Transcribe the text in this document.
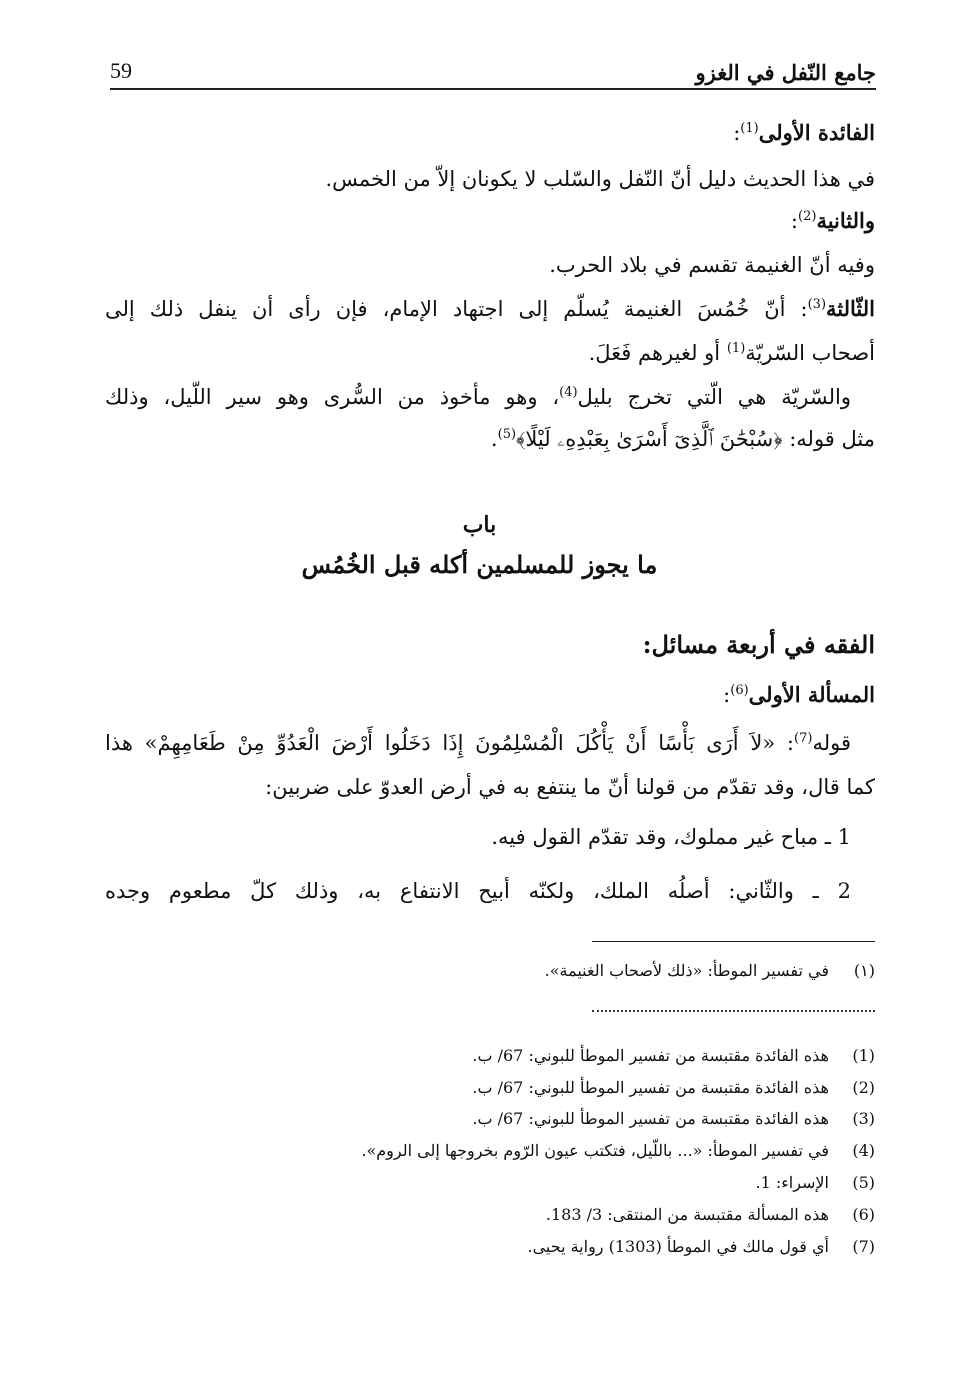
جامع النّفل في الغزو
59
الفائدة الأولى$^{(1)}$:
في هذا الحديث دليل أنّ النّفل والسّلب لا يكونان إلاّ من الخمس.
والثانية$^{(2)}$:
وفيه أنّ الغنيمة تقسم في بلاد الحرب.
الثّالثة$^{(3)}$: أنّ خُمُسَ الغنيمة يُسلّم إلى اجتهاد الإمام، فإن رأى أن ينفل ذلك إلى
أصحاب السّريّة$^{(1)}$ أو لغيرهم فَعَلَ.
والسّريّة هي الّتي تخرج بليل$^{(4)}$، وهو مأخوذ من السُّرى وهو سير اللّيل، وذلك
مثل قوله: ﴿سُبْحَٰنَ ٱلَّذِىٓ أَسْرَىٰ بِعَبْدِهِۦ لَيْلًا﴾$^{(5)}$.
باب
ما يجوز للمسلمين أكله قبل الخُمُس
الفقه في أربعة مسائل:
المسألة الأولى$^{(6)}$:
قوله$^{(7)}$: «لاَ أَرَى بَأْسًا أَنْ يَأْكُلَ الْمُسْلِمُونَ إِذَا دَخَلُوا أَرْضَ الْعَدُوِّ مِنْ طَعَامِهِمْ» هذا
كما قال، وقد تقدّم من قولنا أنّ ما ينتفع به في أرض العدوّ على ضربين:
1 ـ مباح غير مملوك، وقد تقدّم القول فيه.
2 ـ والثّاني: أصلُه الملك، ولكنّه أبيح الانتفاع به، وذلك كلّ مطعوم وجده
(١)في تفسير الموطأ: «ذلك لأصحاب الغنيمة».
(1)هذه الفائدة مقتبسة من تفسير الموطأ للبوني: 67/ ب.
(2)هذه الفائدة مقتبسة من تفسير الموطأ للبوني: 67/ ب.
(3)هذه الفائدة مقتبسة من تفسير الموطأ للبوني: 67/ ب.
(4)في تفسير الموطأ: «... باللّيل، فتكتب عيون الرّوم بخروجها إلى الروم».
(5)الإسراء: 1.
(6)هذه المسألة مقتبسة من المنتقى: 3/ 183.
(7)أي قول مالك في الموطأ (1303) رواية يحيى.
